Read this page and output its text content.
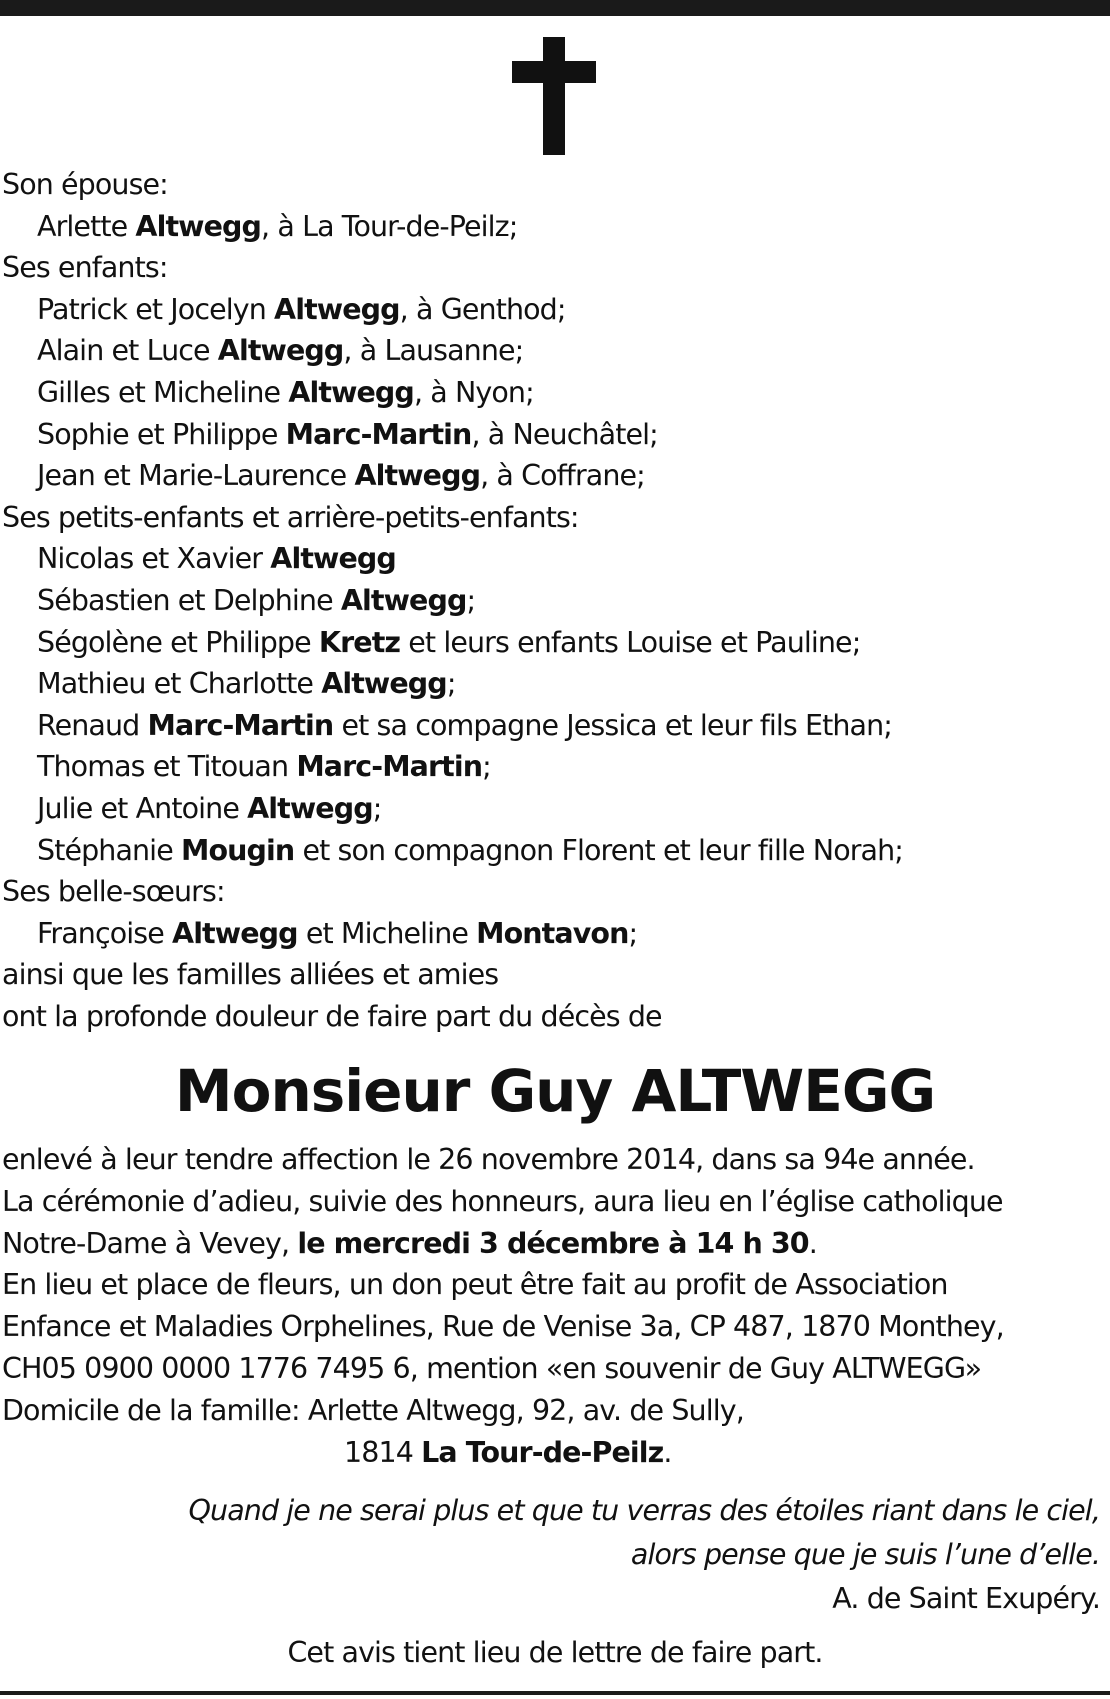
Son épouse:
Arlette Altwegg, à La Tour-de-Peilz;
Ses enfants:
Patrick et Jocelyn Altwegg, à Genthod;
Alain et Luce Altwegg, à Lausanne;
Gilles et Micheline Altwegg, à Nyon;
Sophie et Philippe Marc-Martin, à Neuchâtel;
Jean et Marie-Laurence Altwegg, à Coffrane;
Ses petits-enfants et arrière-petits-enfants:
Nicolas et Xavier Altwegg
Sébastien et Delphine Altwegg;
Ségolène et Philippe Kretz et leurs enfants Louise et Pauline;
Mathieu et Charlotte Altwegg;
Renaud Marc-Martin et sa compagne Jessica et leur fils Ethan;
Thomas et Titouan Marc-Martin;
Julie et Antoine Altwegg;
Stéphanie Mougin et son compagnon Florent et leur fille Norah;
Ses belle-sœurs:
Françoise Altwegg et Micheline Montavon;
ainsi que les familles alliées et amies
ont la profonde douleur de faire part du décès de
Monsieur Guy ALTWEGG
enlevé à leur tendre affection le 26 novembre 2014, dans sa 94e année.
La cérémonie d’adieu, suivie des honneurs, aura lieu en l’église catholique
Notre-Dame à Vevey, le mercredi 3 décembre à 14 h 30.
En lieu et place de fleurs, un don peut être fait au profit de Association
Enfance et Maladies Orphelines, Rue de Venise 3a, CP 487, 1870 Monthey,
CH05 0900 0000 1776 7495 6, mention «en souvenir de Guy ALTWEGG»
Domicile de la famille: Arlette Altwegg, 92, av. de Sully,
1814 La Tour-de-Peilz.
Quand je ne serai plus et que tu verras des étoiles riant dans le ciel,
alors pense que je suis l’une d’elle.
A. de Saint Exupéry.
Cet avis tient lieu de lettre de faire part.
